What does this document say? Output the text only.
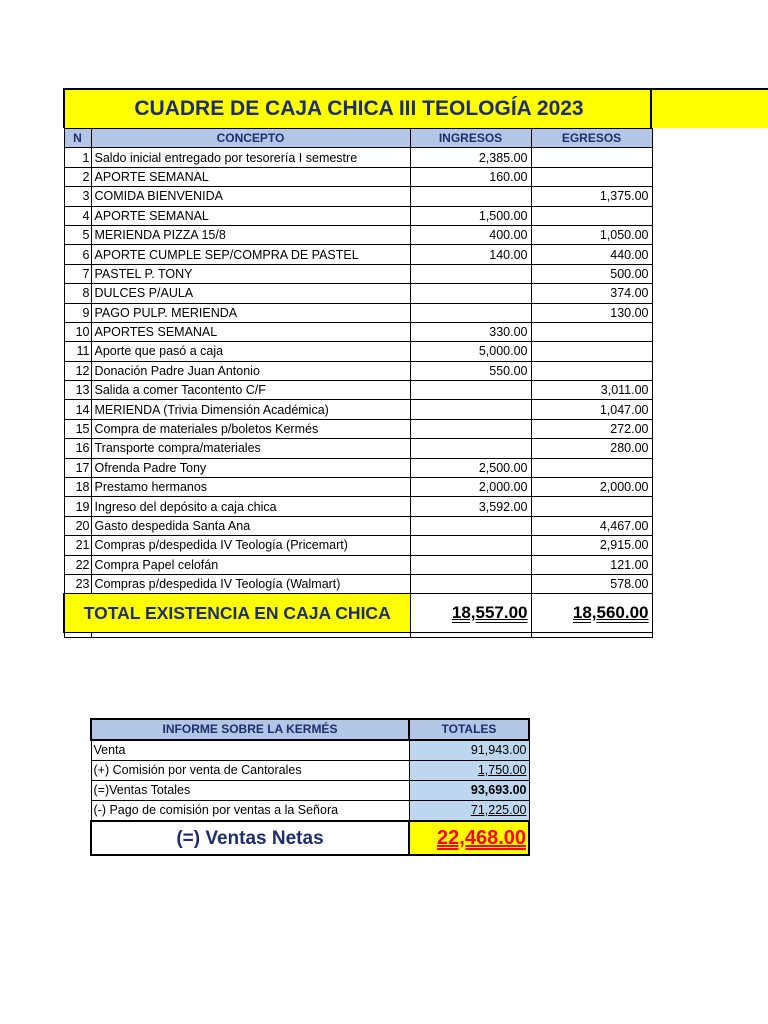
CUADRE DE CAJA CHICA III TEOLOGÍA 2023
N	CONCEPTO	INGRESOS	EGRESOS
1	Saldo inicial entregado por tesorería I semestre	2,385.00	
2	APORTE SEMANAL	160.00	
3	COMIDA BIENVENIDA		1,375.00
4	APORTE SEMANAL	1,500.00	
5	MERIENDA PIZZA 15/8	400.00	1,050.00
6	APORTE CUMPLE SEP/COMPRA DE PASTEL	140.00	440.00
7	PASTEL P. TONY		500.00
8	DULCES P/AULA		374.00
9	PAGO PULP. MERIENDA		130.00
10	APORTES SEMANAL	330.00	
11	Aporte que pasó a caja	5,000.00	
12	Donación Padre Juan Antonio	550.00	
13	Salida a comer Tacontento C/F		3,011.00
14	MERIENDA (Trivia Dimensión Académica)		1,047.00
15	Compra de materiales p/boletos Kermés		272.00
16	Transporte compra/materiales		280.00
17	Ofrenda Padre Tony	2,500.00	
18	Prestamo hermanos	2,000.00	2,000.00
19	Ingreso del depósito a caja chica	3,592.00	
20	Gasto despedida Santa Ana		4,467.00
21	Compras p/despedida IV Teología (Pricemart)		2,915.00
22	Compra Papel celofán		121.00
23	Compras p/despedida IV Teología (Walmart)		578.00
TOTAL EXISTENCIA EN CAJA CHICA		18,557.00	18,560.00

INFORME SOBRE LA KERMÉS	TOTALES
Venta	91,943.00
(+) Comisión por venta de Cantorales	1,750.00
(=)Ventas Totales	93,693.00
(-) Pago de comisión por ventas a la Señora	71,225.00
(=) Ventas Netas	22,468.00
